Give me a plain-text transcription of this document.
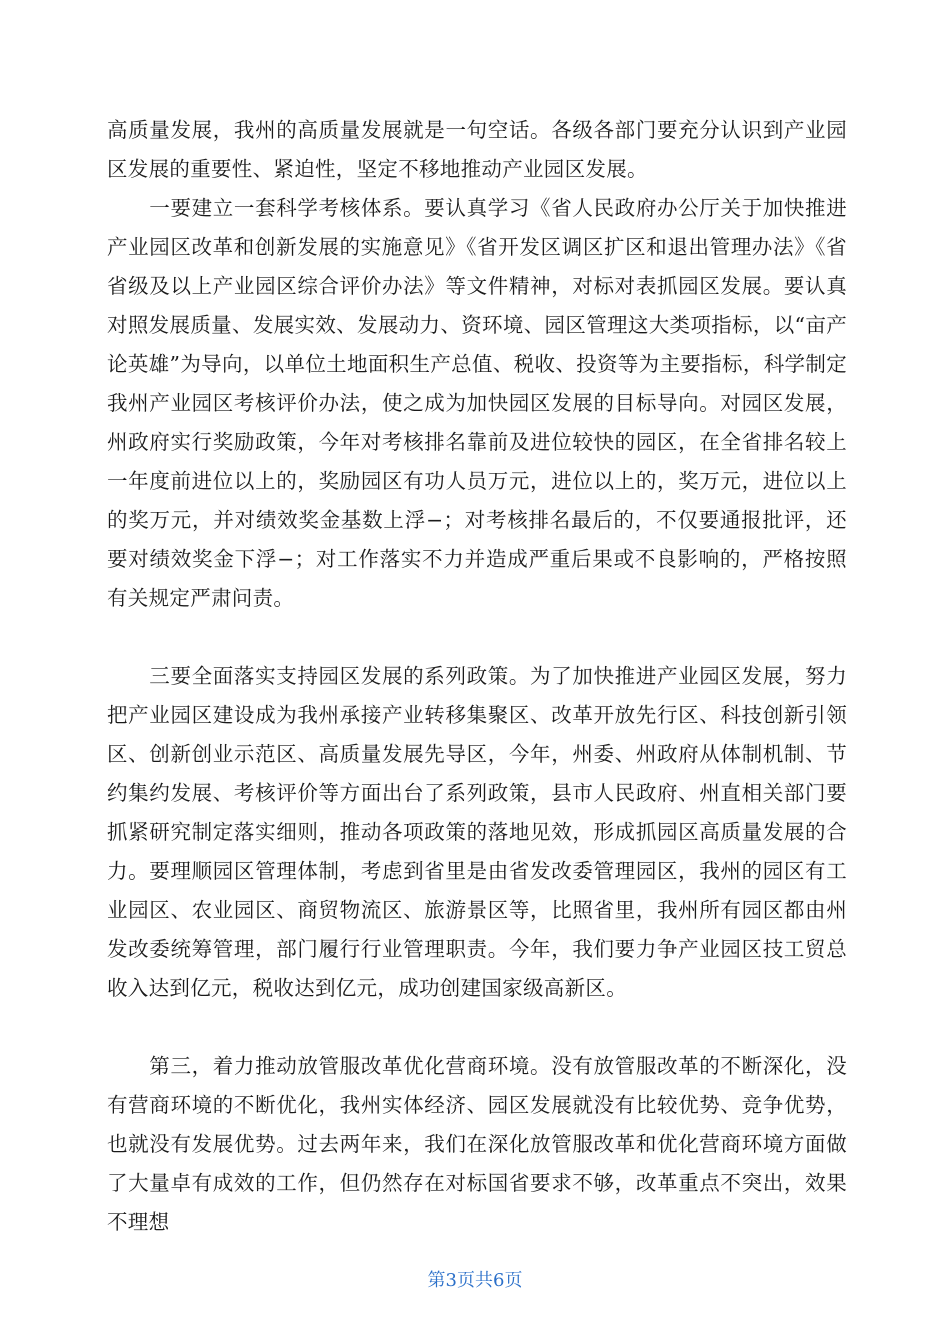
高质量发展，我州的高质量发展就是一句空话。各级各部门要充分认识到产业园区发展的重要性、紧迫性，坚定不移地推动产业园区发展。

　　一要建立一套科学考核体系。要认真学习《省人民政府办公厅关于加快推进产业园区改革和创新发展的实施意见》《省开发区调区扩区和退出管理办法》《省省级及以上产业园区综合评价办法》等文件精神，对标对表抓园区发展。要认真对照发展质量、发展实效、发展动力、资环境、园区管理这大类项指标，以“亩产论英雄”为导向，以单位土地面积生产总值、税收、投资等为主要指标，科学制定我州产业园区考核评价办法，使之成为加快园区发展的目标导向。对园区发展，州政府实行奖励政策，今年对考核排名靠前及进位较快的园区，在全省排名较上一年度前进位以上的，奖励园区有功人员万元，进位以上的，奖万元，进位以上的奖万元，并对绩效奖金基数上浮−；对考核排名最后的，不仅要通报批评，还要对绩效奖金下浮−；对工作落实不力并造成严重后果或不良影响的，严格按照有关规定严肃问责。

　　三要全面落实支持园区发展的系列政策。为了加快推进产业园区发展，努力把产业园区建设成为我州承接产业转移集聚区、改革开放先行区、科技创新引领区、创新创业示范区、高质量发展先导区，今年，州委、州政府从体制机制、节约集约发展、考核评价等方面出台了系列政策，县市人民政府、州直相关部门要抓紧研究制定落实细则，推动各项政策的落地见效，形成抓园区高质量发展的合力。要理顺园区管理体制，考虑到省里是由省发改委管理园区，我州的园区有工业园区、农业园区、商贸物流区、旅游景区等，比照省里，我州所有园区都由州发改委统筹管理，部门履行行业管理职责。今年，我们要力争产业园区技工贸总收入达到亿元，税收达到亿元，成功创建国家级高新区。

　　第三，着力推动放管服改革优化营商环境。没有放管服改革的不断深化，没有营商环境的不断优化，我州实体经济、园区发展就没有比较优势、竞争优势，也就没有发展优势。过去两年来，我们在深化放管服改革和优化营商环境方面做了大量卓有成效的工作，但仍然存在对标国省要求不够，改革重点不突出，效果不理想

第3页共6页
